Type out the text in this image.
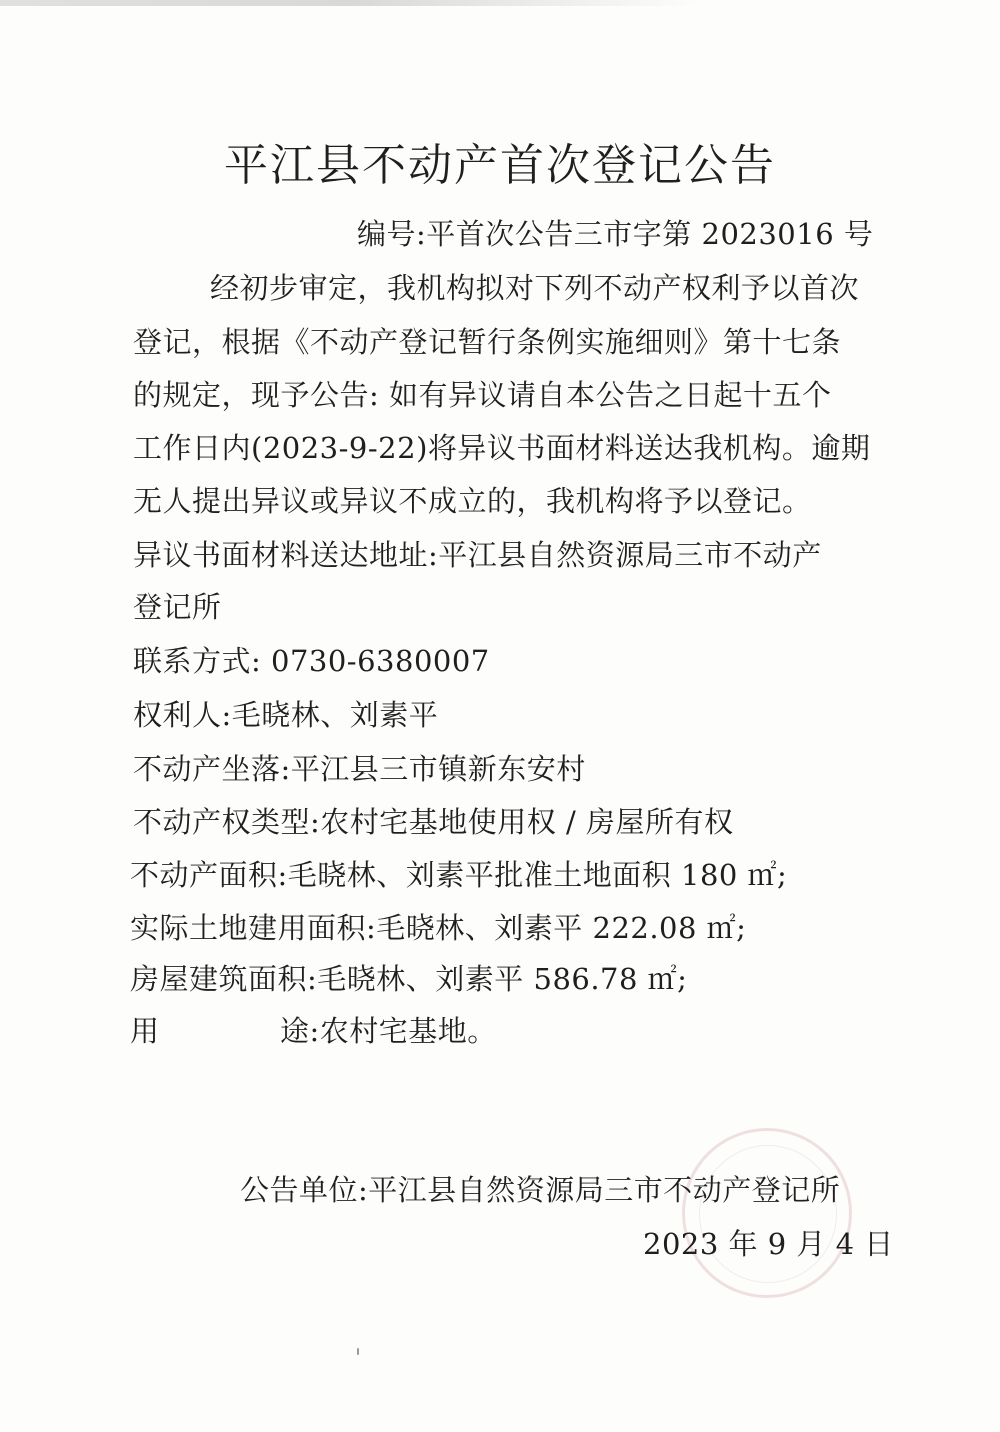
平江县不动产首次登记公告
编号:平首次公告三市字第 2023016 号
经初步审定，我机构拟对下列不动产权利予以首次
登记，根据《不动产登记暂行条例实施细则》第十七条
的规定，现予公告: 如有异议请自本公告之日起十五个
工作日内(2023-9-22)将异议书面材料送达我机构。逾期
无人提出异议或异议不成立的，我机构将予以登记。
异议书面材料送达地址:平江县自然资源局三市不动产
登记所
联系方式: 0730-6380007
权利人:毛晓林、刘素平
不动产坐落:平江县三市镇新东安村
不动产权类型:农村宅基地使用权 / 房屋所有权
不动产面积:毛晓林、刘素平批准土地面积 180 ㎡;
实际土地建用面积:毛晓林、刘素平 222.08 ㎡;
房屋建筑面积:毛晓林、刘素平 586.78 ㎡;
用	途:农村宅基地。
公告单位:平江县自然资源局三市不动产登记所
2023 年 9 月 4 日
